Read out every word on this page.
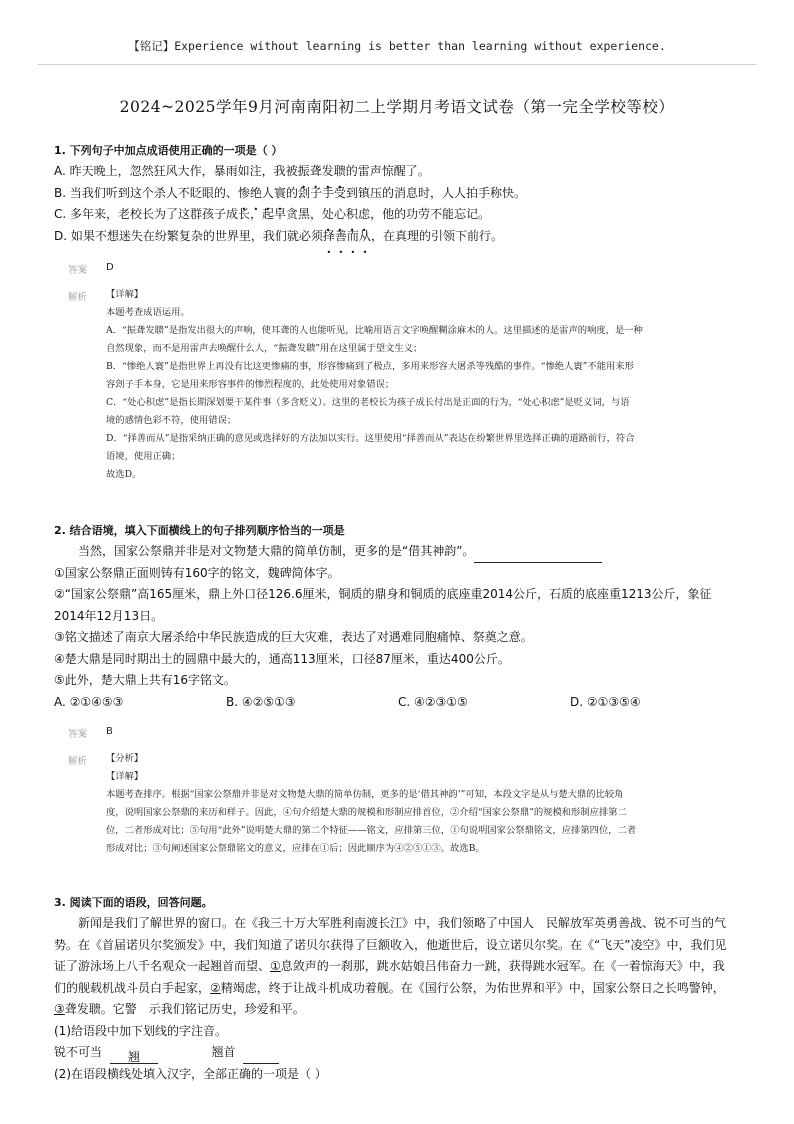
【铭记】Experience without learning is better than learning without experience.
2024~2025学年9月河南南阳初二上学期月考语文试卷（第一完全学校等校）
1. 下列句子中加点成语使用正确的一项是（ ）
A. 昨天晚上，忽然狂风大作，暴雨如注，我被振聋发聩的雷声惊醒了。
B. 当我们听到这个杀人不眨眼的、惨绝人寰的刽子手受到镇压的消息时，人人拍手称快。
C. 多年来，老校长为了这群孩子成长，起早贪黑，处心积虑，他的功劳不能忘记。
D. 如果不想迷失在纷繁复杂的世界里，我们就必须择善而从，在真理的引领下前行。
答案 D
解析 【详解】

本题考查成语运用。

A．“振聋发聩”是指发出很大的声响，使耳聋的人也能听见，比喻用语言文字唤醒糊涂麻木的人。这里描述的是雷声的响度，是一种

自然现象，而不是用雷声去唤醒什么人，“振聋发聩”用在这里属于望文生义；

B．“惨绝人寰”是指世界上再没有比这更惨痛的事，形容惨痛到了极点，多用来形容大屠杀等残酷的事件。“惨绝人寰”不能用来形

容刽子手本身，它是用来形容事件的惨烈程度的，此处使用对象错误；

C．“处心积虑”是指长期深划要干某件事（多含贬义）。这里的老校长为孩子成长付出是正面的行为，“处心积虑”是贬义词，与语

境的感情色彩不符，使用错误；

D．“择善而从”是指采纳正确的意见或选择好的方法加以实行。这里使用“择善而从”表达在纷繁世界里选择正确的道路前行，符合

语境，使用正确；

故选D。

2. 结合语境，填入下面横线上的句子排列顺序恰当的一项是
当然，国家公祭鼎并非是对文物楚大鼎的简单仿制，更多的是“借其神韵”。
①国家公祭鼎正面则铸有160字的铭文，魏碑简体字。
②“国家公祭鼎”高165厘米，鼎上外口径126.6厘米，铜质的鼎身和铜质的底座重2014公斤，石质的底座重1213公斤，象征
2014年12月13日。
③铭文描述了南京大屠杀给中华民族造成的巨大灾难，表达了对遇难同胞痛悼、祭奠之意。
④楚大鼎是同时期出土的圆鼎中最大的，通高113厘米，口径87厘米，重达400公斤。
⑤此外，楚大鼎上共有16字铭文。
A. ②①④⑤③	B. ④②⑤①③	C. ④②③①⑤	D. ②①③⑤④
答案 B
解析 【分析】

【详解】

本题考查排序。根据“国家公祭鼎并非是对文物楚大鼎的简单仿制，更多的是‘借其神韵’”可知，本段文字是从与楚大鼎的比较角

度，说明国家公祭鼎的来历和样子。因此，④句介绍楚大鼎的规模和形制应排首位，②介绍“国家公祭鼎”的规模和形制应排第二

位，二者形成对比；⑤句用“此外”说明楚大鼎的第二个特征——铭文，应排第三位，①句说明国家公祭鼎铭文，应排第四位，二者

形成对比；③句阐述国家公祭鼎铭文的意义，应排在①后；因此顺序为④②⑤①③。故选B。

3. 阅读下面的语段，回答问题。
新闻是我们了解世界的窗口。在《我三十万大军胜利南渡长江》中，我们领略了中国人　民解放军英勇善战、锐不可当的气
势。在《首届诺贝尔奖颁发》中，我们知道了诺贝尔获得了巨额收入，他逝世后，设立诺贝尔奖。在《“飞天”凌空》中，我们见
证了游泳场上八千名观众一起翘首而望、①息敛声的一刹那，跳水姑娘吕伟奋力一跳，获得跳水冠军。在《一着惊海天》中，我
们的舰载机战斗员白手起家，②精竭虑，终于让战斗机成功着舰。在《国行公祭，为佑世界和平》中，国家公祭日之长鸣警钟，
③聋发聩。它警　示我们铭记历史，珍爱和平。
(1)给语段中加下划线的字注音。
锐不可当 翘	翘首
(2)在语段横线处填入汉字，全部正确的一项是（ ）
